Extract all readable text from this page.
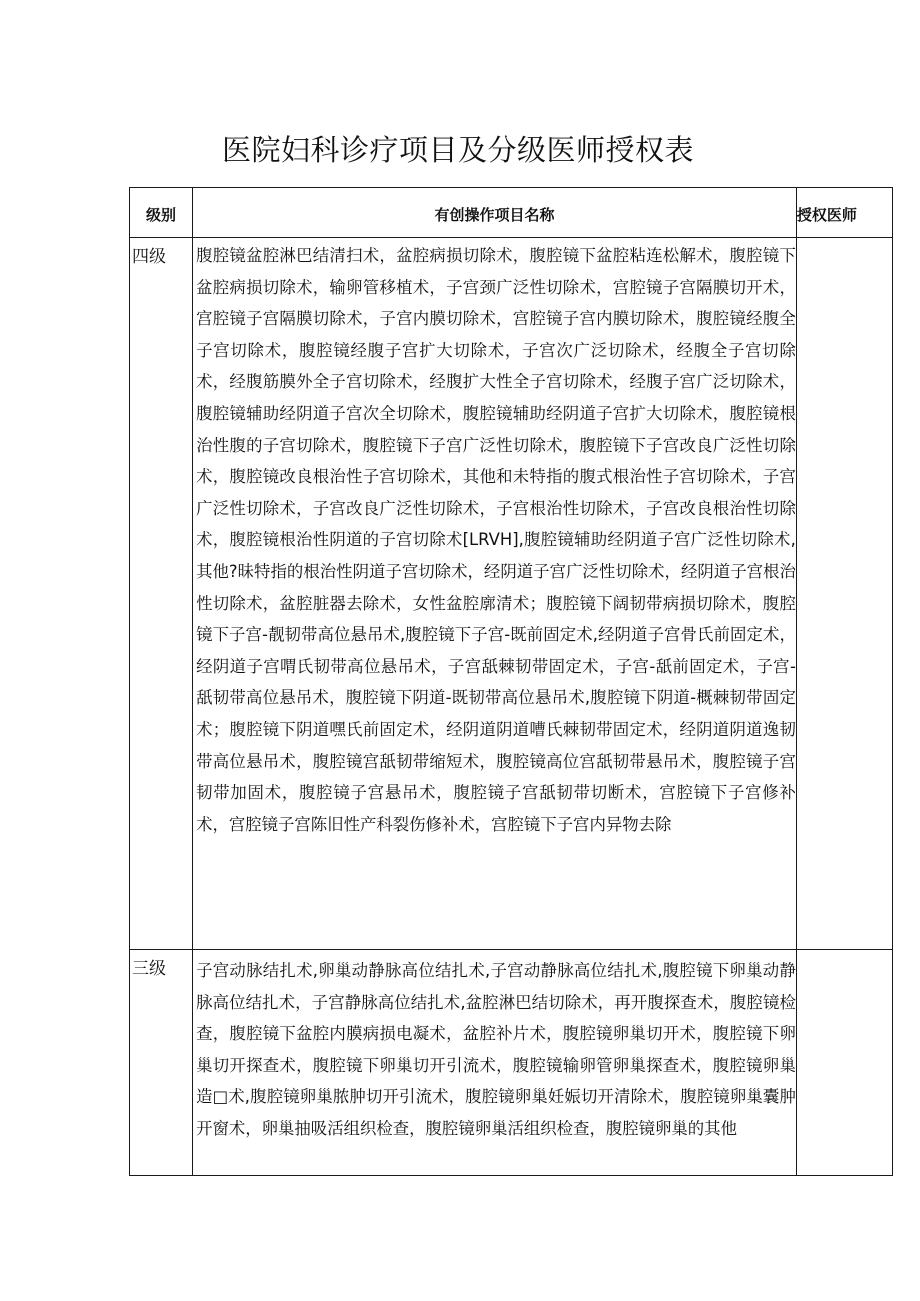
医院妇科诊疗项目及分级医师授权表
级别	有创操作项目名称	授权医师
四级	腹腔镜盆腔淋巴结清扫术，盆腔病损切除术，腹腔镜下盆腔粘连松解术，腹腔镜下盆腔病损切除术，输卵管移植术，子宫颈广泛性切除术，宫腔镜子宫隔膜切开术，宫腔镜子宫隔膜切除术，子宫内膜切除术，宫腔镜子宫内膜切除术，腹腔镜经腹全子宫切除术，腹腔镜经腹子宫扩大切除术，子宫次广泛切除术，经腹全子宫切除术，经腹筋膜外全子宫切除术，经腹扩大性全子宫切除术，经腹子宫广泛切除术，腹腔镜辅助经阴道子宫次全切除术，腹腔镜辅助经阴道子宫扩大切除术，腹腔镜根治性腹的子宫切除术，腹腔镜下子宫广泛性切除术，腹腔镜下子宫改良广泛性切除术，腹腔镜改良根治性子宫切除术，其他和未特指的腹式根治性子宫切除术，子宫广泛性切除术，子宫改良广泛性切除术，子宫根治性切除术，子宫改良根治性切除术，腹腔镜根治性阴道的子宫切除术[LRVH],腹腔镜辅助经阴道子宫广泛性切除术,其他?昧特指的根治性阴道子宫切除术，经阴道子宫广泛性切除术，经阴道子宫根治性切除术，盆腔脏器去除术，女性盆腔廓清术；腹腔镜下阔韧带病损切除术，腹腔镜下子宫-靓韧带高位悬吊术,腹腔镜下子宫-既前固定术,经阴道子宫骨氏前固定术，经阴道子宫喟氏韧带高位悬吊术，子宫舐棘韧带固定术，子宫-舐前固定术，子宫-舐韧带高位悬吊术，腹腔镜下阴道-既韧带高位悬吊术,腹腔镜下阴道-概棘韧带固定术；腹腔镜下阴道嘿氏前固定术，经阴道阴道嘈氏棘韧带固定术，经阴道阴道逸韧带高位悬吊术，腹腔镜宫舐韧带缩短术，腹腔镜高位宫舐韧带悬吊术，腹腔镜子宫韧带加固术，腹腔镜子宫悬吊术，腹腔镜子宫舐韧带切断术，宫腔镜下子宫修补术，宫腔镜子宫陈旧性产科裂伤修补术，宫腔镜下子宫内异物去除	
三级	子宫动脉结扎术,卵巢动静脉高位结扎术,子宫动静脉高位结扎术,腹腔镜下卵巢动静脉高位结扎术，子宫静脉高位结扎术,盆腔淋巴结切除术，再开腹探查术，腹腔镜检查，腹腔镜下盆腔内膜病损电凝术，盆腔补片术，腹腔镜卵巢切开术，腹腔镜下卵巢切开探查术，腹腔镜下卵巢切开引流术，腹腔镜输卵管卵巢探查术，腹腔镜卵巢造□术,腹腔镜卵巢脓肿切开引流术，腹腔镜卵巢妊娠切开清除术，腹腔镜卵巢囊肿开窗术，卵巢抽吸活组织检查，腹腔镜卵巢活组织检查，腹腔镜卵巢的其他	
